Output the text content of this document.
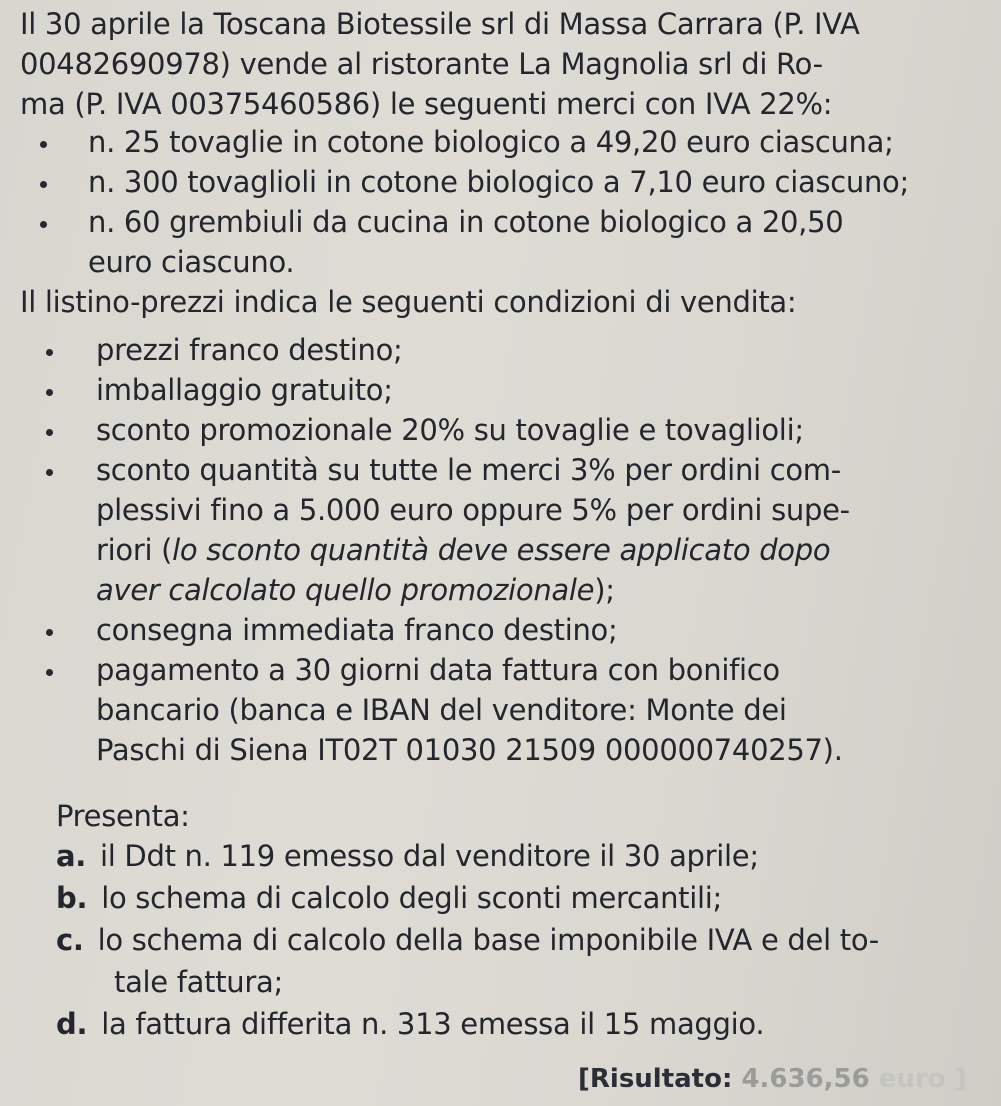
Il 30 aprile la Toscana Biotessile srl di Massa Carrara (P. IVA
00482690978) vende al ristorante La Magnolia srl di Ro-
ma (P. IVA 00375460586) le seguenti merci con IVA 22%:
n. 25 tovaglie in cotone biologico a 49,20 euro ciascuna;
n. 300 tovaglioli in cotone biologico a 7,10 euro ciascuno;
n. 60 grembiuli da cucina in cotone biologico a 20,50
euro ciascuno.
Il listino-prezzi indica le seguenti condizioni di vendita:
prezzi franco destino;
imballaggio gratuito;
sconto promozionale 20% su tovaglie e tovaglioli;
sconto quantità su tutte le merci 3% per ordini com-
plessivi fino a 5.000 euro oppure 5% per ordini supe-
riori (lo sconto quantità deve essere applicato dopo
aver calcolato quello promozionale);
consegna immediata franco destino;
pagamento a 30 giorni data fattura con bonifico
bancario (banca e IBAN del venditore: Monte dei
Paschi di Siena IT02T 01030 21509 000000740257).
Presenta:
a. il Ddt n. 119 emesso dal venditore il 30 aprile;
b. lo schema di calcolo degli sconti mercantili;
c. lo schema di calcolo della base imponibile IVA e del to-
tale fattura;
d. la fattura differita n. 313 emessa il 15 maggio.
[Risultato: 4.636,56 euro ]
